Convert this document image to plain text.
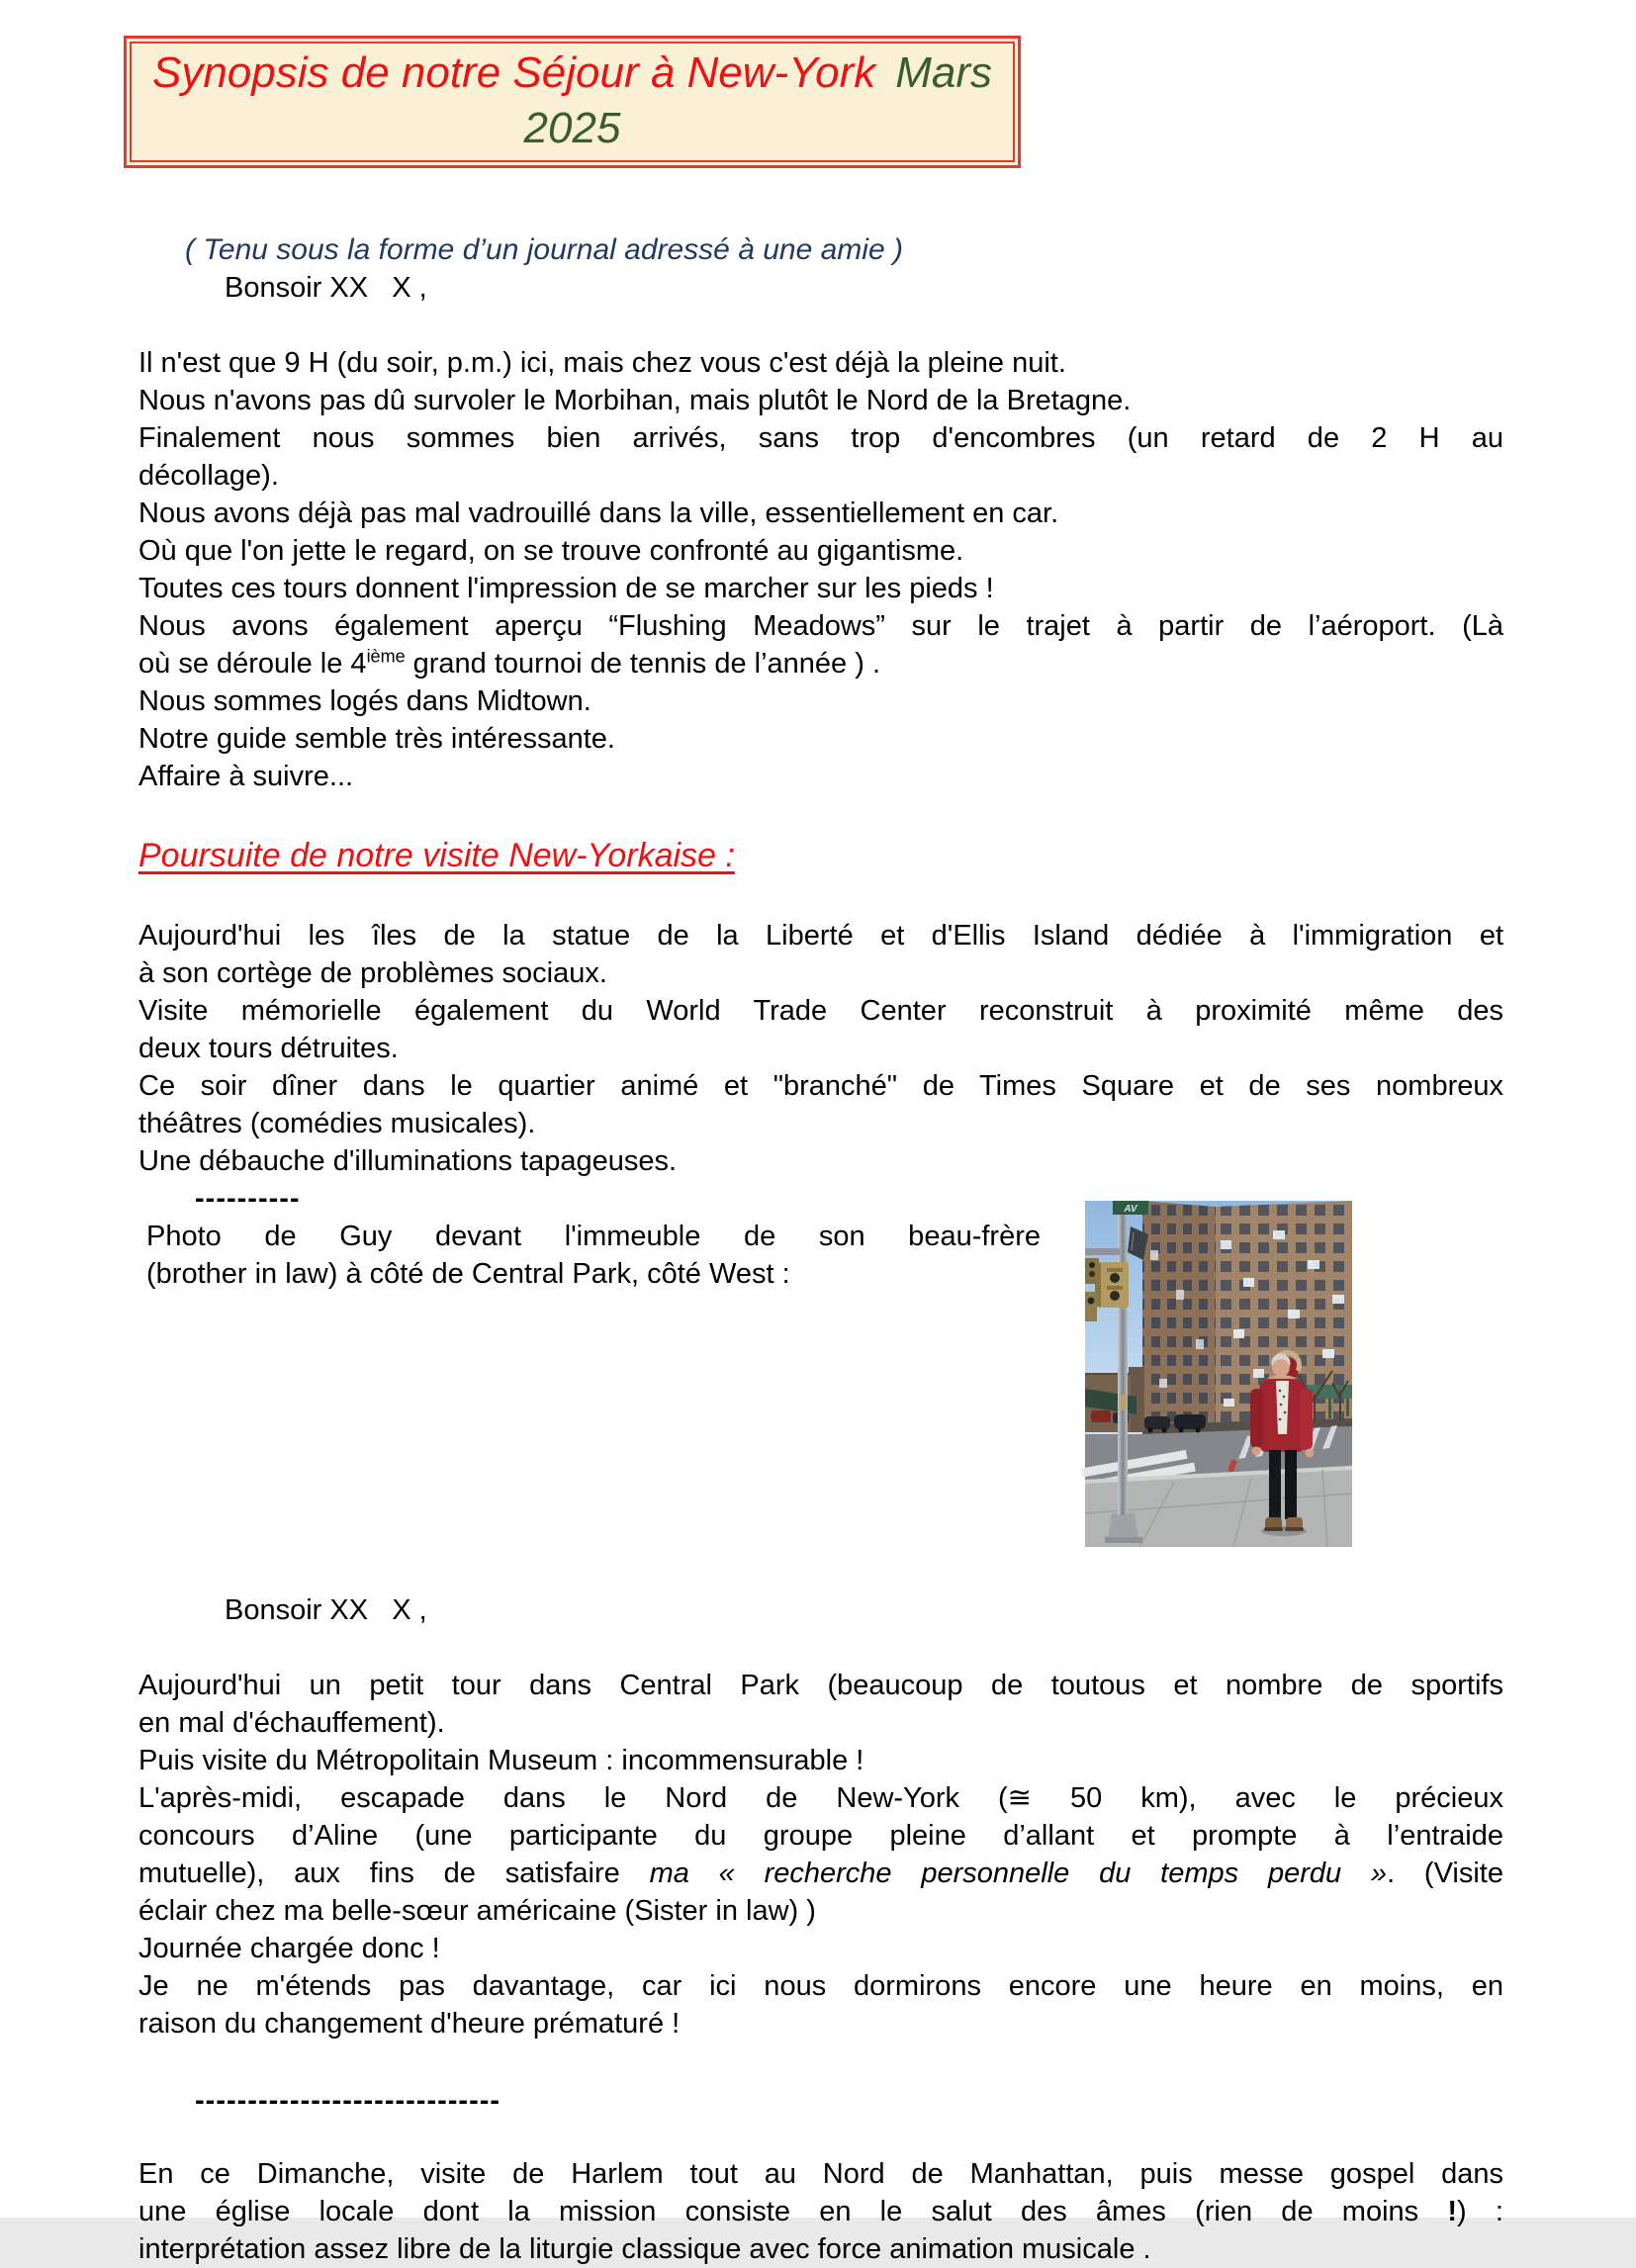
Synopsis de notre Séjour à New-York Mars 2025

( Tenu sous la forme d’un journal adressé à une amie )

Bonsoir XX   X ,

Il n'est que 9 H (du soir, p.m.) ici, mais chez vous c'est déjà la pleine nuit.

Nous n'avons pas dû survoler le Morbihan, mais plutôt le Nord de la Bretagne.

Finalement nous sommes bien arrivés, sans trop d'encombres (un retard de 2 H au

décollage).

Nous avons déjà pas mal vadrouillé dans la ville, essentiellement en car.

Où que l'on jette le regard, on se trouve confronté au gigantisme.

Toutes ces tours donnent l'impression de se marcher sur les pieds !

Nous avons également aperçu “Flushing Meadows” sur le trajet à partir de l’aéroport. (Là

où se déroule le 4ième grand tournoi de tennis de l’année ) .

Nous sommes logés dans Midtown.

Notre guide semble très intéressante.

Affaire à suivre...

Poursuite de notre visite New-Yorkaise :

Aujourd'hui les îles de la statue de la Liberté et d'Ellis Island dédiée à l'immigration et

à son cortège de problèmes sociaux.

Visite mémorielle également du World Trade Center reconstruit à proximité même des

deux tours détruites.

Ce soir dîner dans le quartier animé et "branché" de Times Square et de ses nombreux

théâtres (comédies musicales).

Une débauche d'illuminations tapageuses.

----------

Photo de Guy devant l'immeuble de son beau-frère

(brother in law) à côté de Central Park, côté West :

AV

Bonsoir XX   X ,

Aujourd'hui un petit tour dans Central Park (beaucoup de toutous et nombre de sportifs

en mal d'échauffement).

Puis visite du Métropolitain Museum : incommensurable !

L'après-midi, escapade dans le Nord de New-York (≅ 50 km), avec le précieux

concours d’Aline (une participante du groupe pleine d’allant et prompte à l’entraide

mutuelle), aux fins de satisfaire ma « recherche personnelle du temps perdu ». (Visite

éclair chez ma belle-sœur américaine (Sister in law) )

Journée chargée donc !

Je ne m'étends pas davantage, car ici nous dormirons encore une heure en moins, en

raison du changement d'heure prématuré !

-----------------------------

En ce Dimanche, visite de Harlem tout au Nord de Manhattan, puis messe gospel dans

une église locale dont la mission consiste en le salut des âmes (rien de moins !) :

interprétation assez libre de la liturgie classique avec force animation musicale .
